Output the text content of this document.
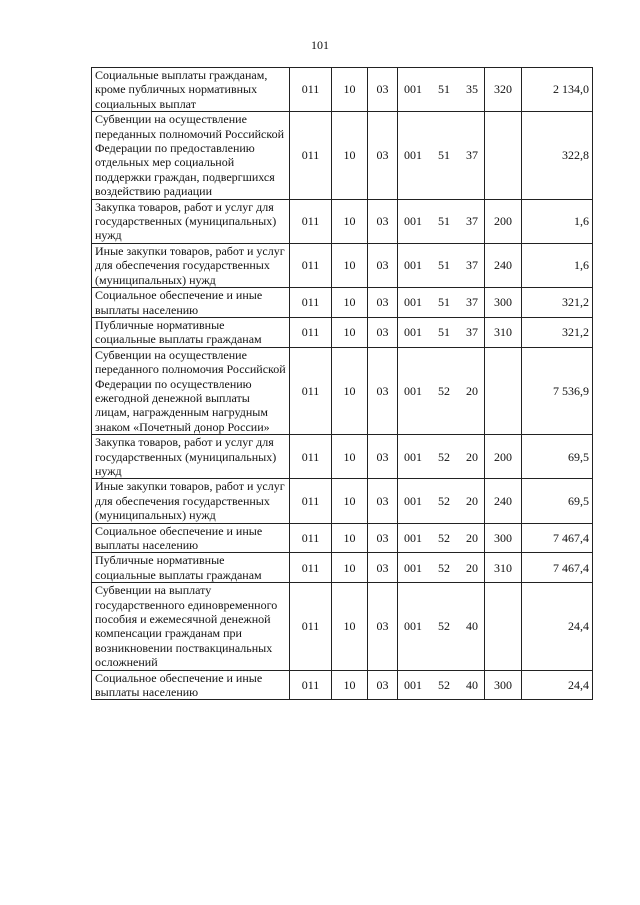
101
Социальные выплаты гражданам, кроме публичных нормативных социальных выплат	011	10	03	001 51 35	320	2 134,0
Субвенции на осуществление переданных полномочий Российской Федерации по предоставлению отдельных мер социальной поддержки граждан, подвергшихся воздействию радиации	011	10	03	001 51 37		322,8
Закупка товаров, работ и услуг для государственных (муниципальных) нужд	011	10	03	001 51 37	200	1,6
Иные закупки товаров, работ и услуг для обеспечения государственных (муниципальных) нужд	011	10	03	001 51 37	240	1,6
Социальное обеспечение и иные выплаты населению	011	10	03	001 51 37	300	321,2
Публичные нормативные социальные выплаты гражданам	011	10	03	001 51 37	310	321,2
Субвенции на осуществление переданного полномочия Российской Федерации по осуществлению ежегодной денежной выплаты лицам, награжденным нагрудным знаком «Почетный донор России»	011	10	03	001 52 20		7 536,9
Закупка товаров, работ и услуг для государственных (муниципальных) нужд	011	10	03	001 52 20	200	69,5
Иные закупки товаров, работ и услуг для обеспечения государственных (муниципальных) нужд	011	10	03	001 52 20	240	69,5
Социальное обеспечение и иные выплаты населению	011	10	03	001 52 20	300	7 467,4
Публичные нормативные социальные выплаты гражданам	011	10	03	001 52 20	310	7 467,4
Субвенции на выплату государственного единовременного пособия и ежемесячной денежной компенсации гражданам при возникновении поствакцинальных осложнений	011	10	03	001 52 40		24,4
Социальное обеспечение и иные выплаты населению	011	10	03	001 52 40	300	24,4
